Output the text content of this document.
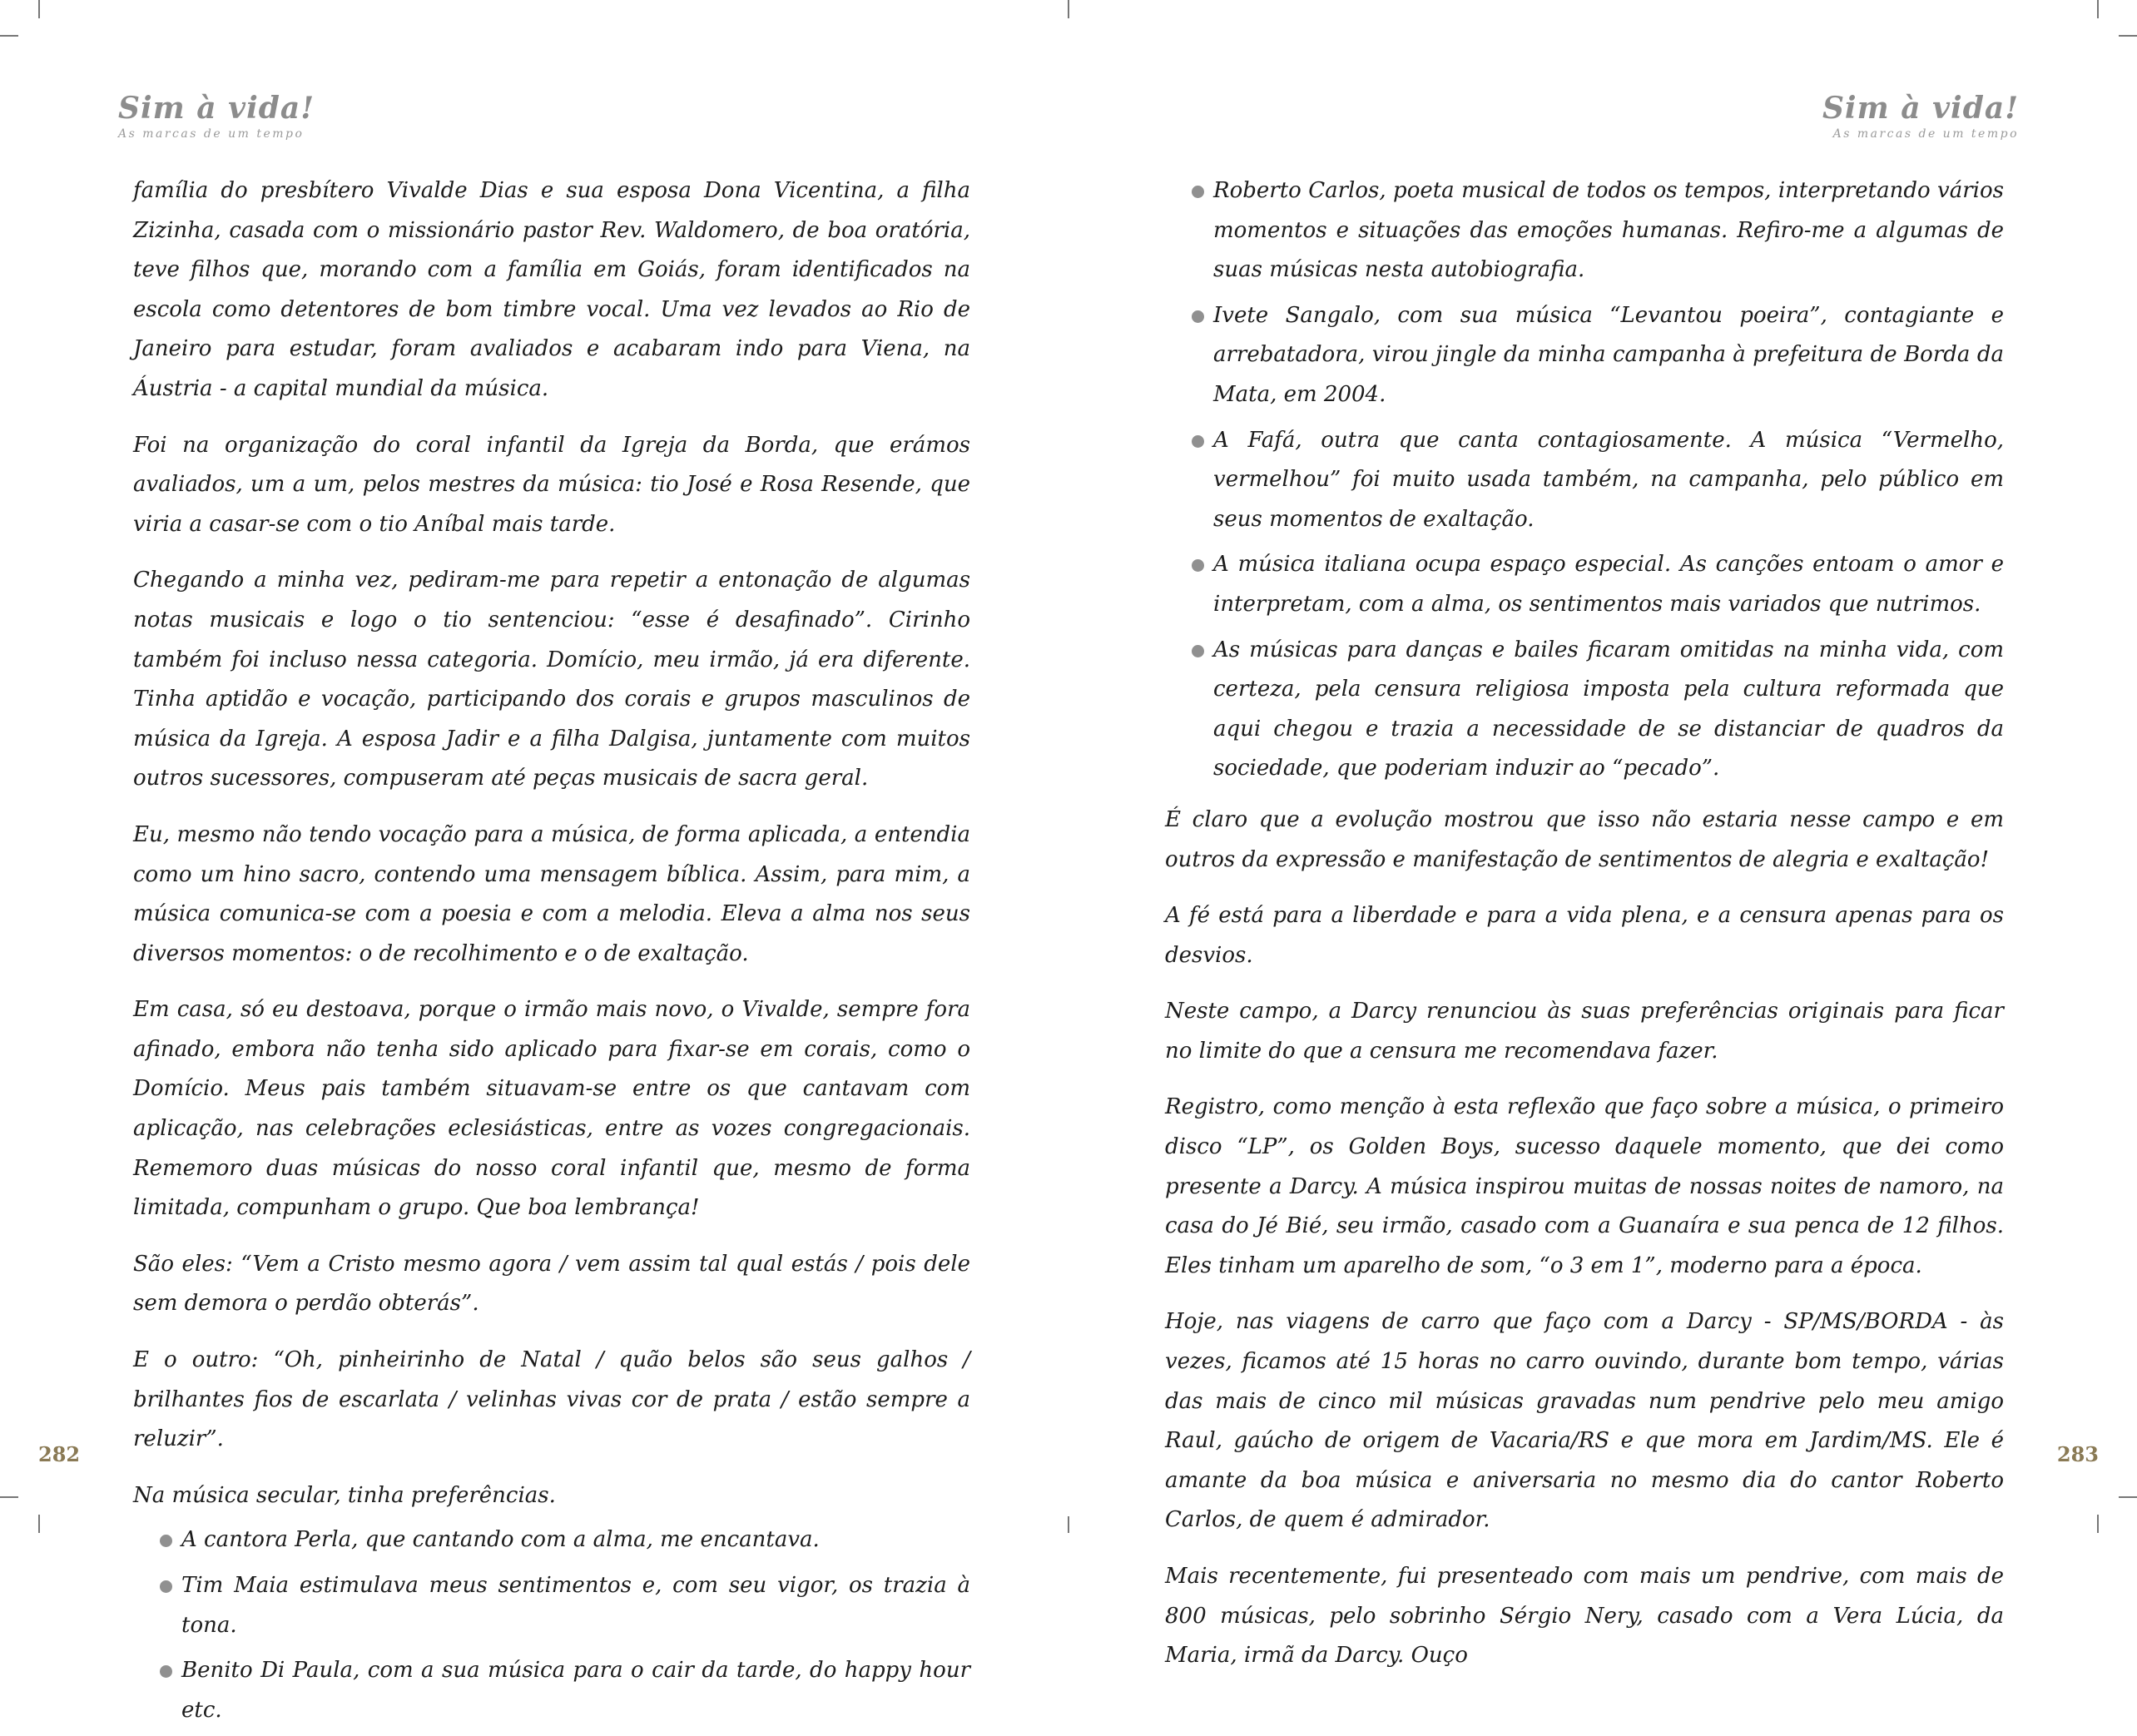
Sim à vida!
As marcas de um tempo

família do presbítero Vivalde Dias e sua esposa Dona Vicentina, a filha Zizinha, casada com o missionário pastor Rev. Waldomero, de boa oratória, teve filhos que, morando com a família em Goiás, foram identificados na escola como detentores de bom timbre vocal. Uma vez levados ao Rio de Janeiro para estudar, foram avaliados e acabaram indo para Viena, na Áustria - a capital mundial da música.

Foi na organização do coral infantil da Igreja da Borda, que erámos avaliados, um a um, pelos mestres da música: tio José e Rosa Resende, que viria a casar-se com o tio Aníbal mais tarde.

Chegando a minha vez, pediram-me para repetir a entonação de algumas notas musicais e logo o tio sentenciou: “esse é desafinado”. Cirinho também foi incluso nessa categoria. Domício, meu irmão, já era diferente. Tinha aptidão e vocação, participando dos corais e grupos masculinos de música da Igreja. A esposa Jadir e a filha Dalgisa, juntamente com muitos outros sucessores, compuseram até peças musicais de sacra geral.

Eu, mesmo não tendo vocação para a música, de forma aplicada, a entendia como um hino sacro, contendo uma mensagem bíblica. Assim, para mim, a música comunica-se com a poesia e com a melodia. Eleva a alma nos seus diversos momentos: o de recolhimento e o de exaltação.

Em casa, só eu destoava, porque o irmão mais novo, o Vivalde, sempre fora afinado, embora não tenha sido aplicado para fixar-se em corais, como o Domício. Meus pais também situavam-se entre os que cantavam com aplicação, nas celebrações eclesiásticas, entre as vozes congregacionais. Rememoro duas músicas do nosso coral infantil que, mesmo de forma limitada, compunham o grupo. Que boa lembrança!

São eles: “Vem a Cristo mesmo agora / vem assim tal qual estás / pois dele sem demora o perdão obterás”.

E o outro: “Oh, pinheirinho de Natal / quão belos são seus galhos / brilhantes fios de escarlata / velinhas vivas cor de prata / estão sempre a reluzir”.

Na música secular, tinha preferências.

A cantora Perla, que cantando com a alma, me encantava.
Tim Maia estimulava meus sentimentos e, com seu vigor, os trazia à tona.
Benito Di Paula, com a sua música para o cair da tarde, do happy hour etc.
282
Sim à vida!
As marcas de um tempo
Roberto Carlos, poeta musical de todos os tempos, interpretando vários momentos e situações das emoções humanas. Refiro-me a algumas de suas músicas nesta autobiografia.
Ivete Sangalo, com sua música “Levantou poeira”, contagiante e arrebatadora, virou jingle da minha campanha à prefeitura de Borda da Mata, em 2004.
A Fafá, outra que canta contagiosamente. A música “Vermelho, vermelhou” foi muito usada também, na campanha, pelo público em seus momentos de exaltação.
A música italiana ocupa espaço especial. As canções entoam o amor e interpretam, com a alma, os sentimentos mais variados que nutrimos.
As músicas para danças e bailes ficaram omitidas na minha vida, com certeza, pela censura religiosa imposta pela cultura reformada que aqui chegou e trazia a necessidade de se distanciar de quadros da sociedade, que poderiam induzir ao “pecado”.

É claro que a evolução mostrou que isso não estaria nesse campo e em outros da expressão e manifestação de sentimentos de alegria e exaltação!

A fé está para a liberdade e para a vida plena, e a censura apenas para os desvios.

Neste campo, a Darcy renunciou às suas preferências originais para ficar no limite do que a censura me recomendava fazer.

Registro, como menção à esta reflexão que faço sobre a música, o primeiro disco “LP”, os Golden Boys, sucesso daquele momento, que dei como presente a Darcy. A música inspirou muitas de nossas noites de namoro, na casa do Jé Bié, seu irmão, casado com a Guanaíra e sua penca de 12 filhos. Eles tinham um aparelho de som, “o 3 em 1”, moderno para a época.

Hoje, nas viagens de carro que faço com a Darcy - SP/MS/BORDA - às vezes, ficamos até 15 horas no carro ouvindo, durante bom tempo, várias das mais de cinco mil músicas gravadas num pendrive pelo meu amigo Raul, gaúcho de origem de Vacaria/RS e que mora em Jardim/MS. Ele é amante da boa música e aniversaria no mesmo dia do cantor Roberto Carlos, de quem é admirador.

Mais recentemente, fui presenteado com mais um pendrive, com mais de 800 músicas, pelo sobrinho Sérgio Nery, casado com a Vera Lúcia, da Maria, irmã da Darcy. Ouço

283
